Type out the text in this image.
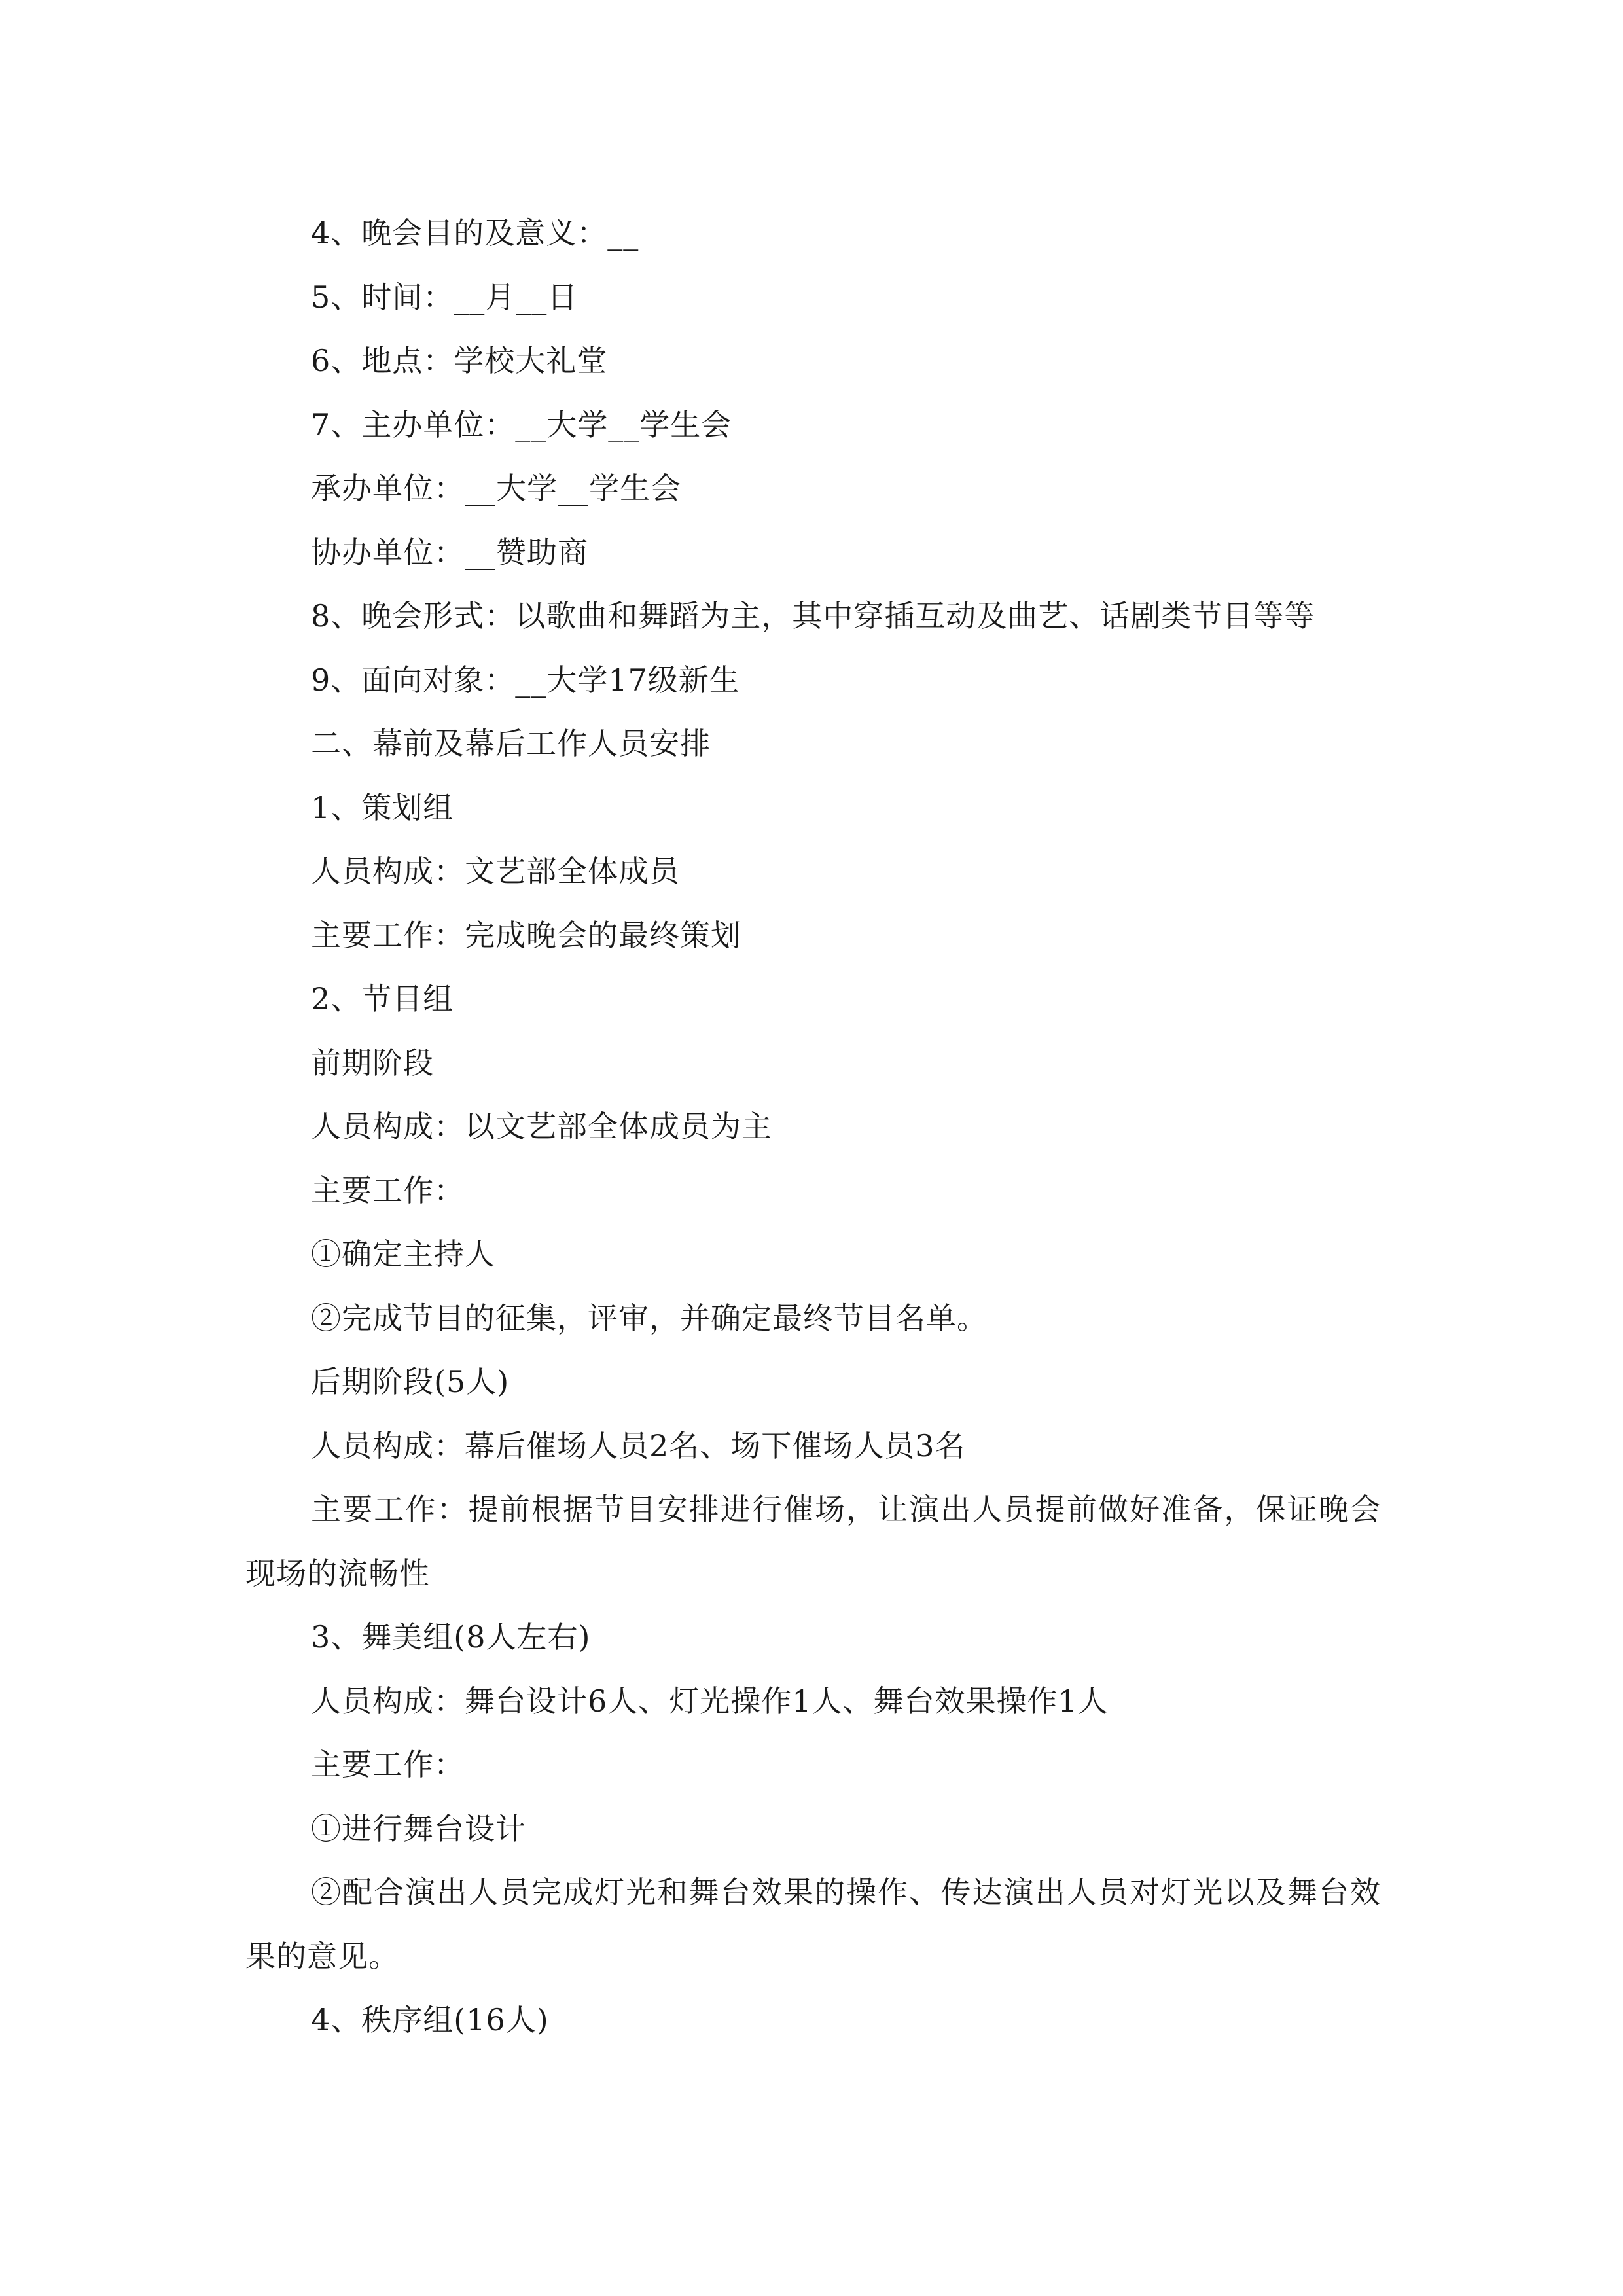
4、晚会目的及意义：__
5、时间：__月__日
6、地点：学校大礼堂
7、主办单位：__大学__学生会
承办单位：__大学__学生会
协办单位：__赞助商
8、晚会形式：以歌曲和舞蹈为主，其中穿插互动及曲艺、话剧类节目等等
9、面向对象：__大学17级新生
二、幕前及幕后工作人员安排
1、策划组
人员构成：文艺部全体成员
主要工作：完成晚会的最终策划
2、节目组
前期阶段
人员构成：以文艺部全体成员为主
主要工作：
①确定主持人
②完成节目的征集，评审，并确定最终节目名单。
后期阶段(5人)
人员构成：幕后催场人员2名、场下催场人员3名

主要工作：提前根据节目安排进行催场，让演出人员提前做好准备，保证晚会现场的流畅性

3、舞美组(8人左右)
人员构成：舞台设计6人、灯光操作1人、舞台效果操作1人
主要工作：
①进行舞台设计

②配合演出人员完成灯光和舞台效果的操作、传达演出人员对灯光以及舞台效果的意见。

4、秩序组(16人)
